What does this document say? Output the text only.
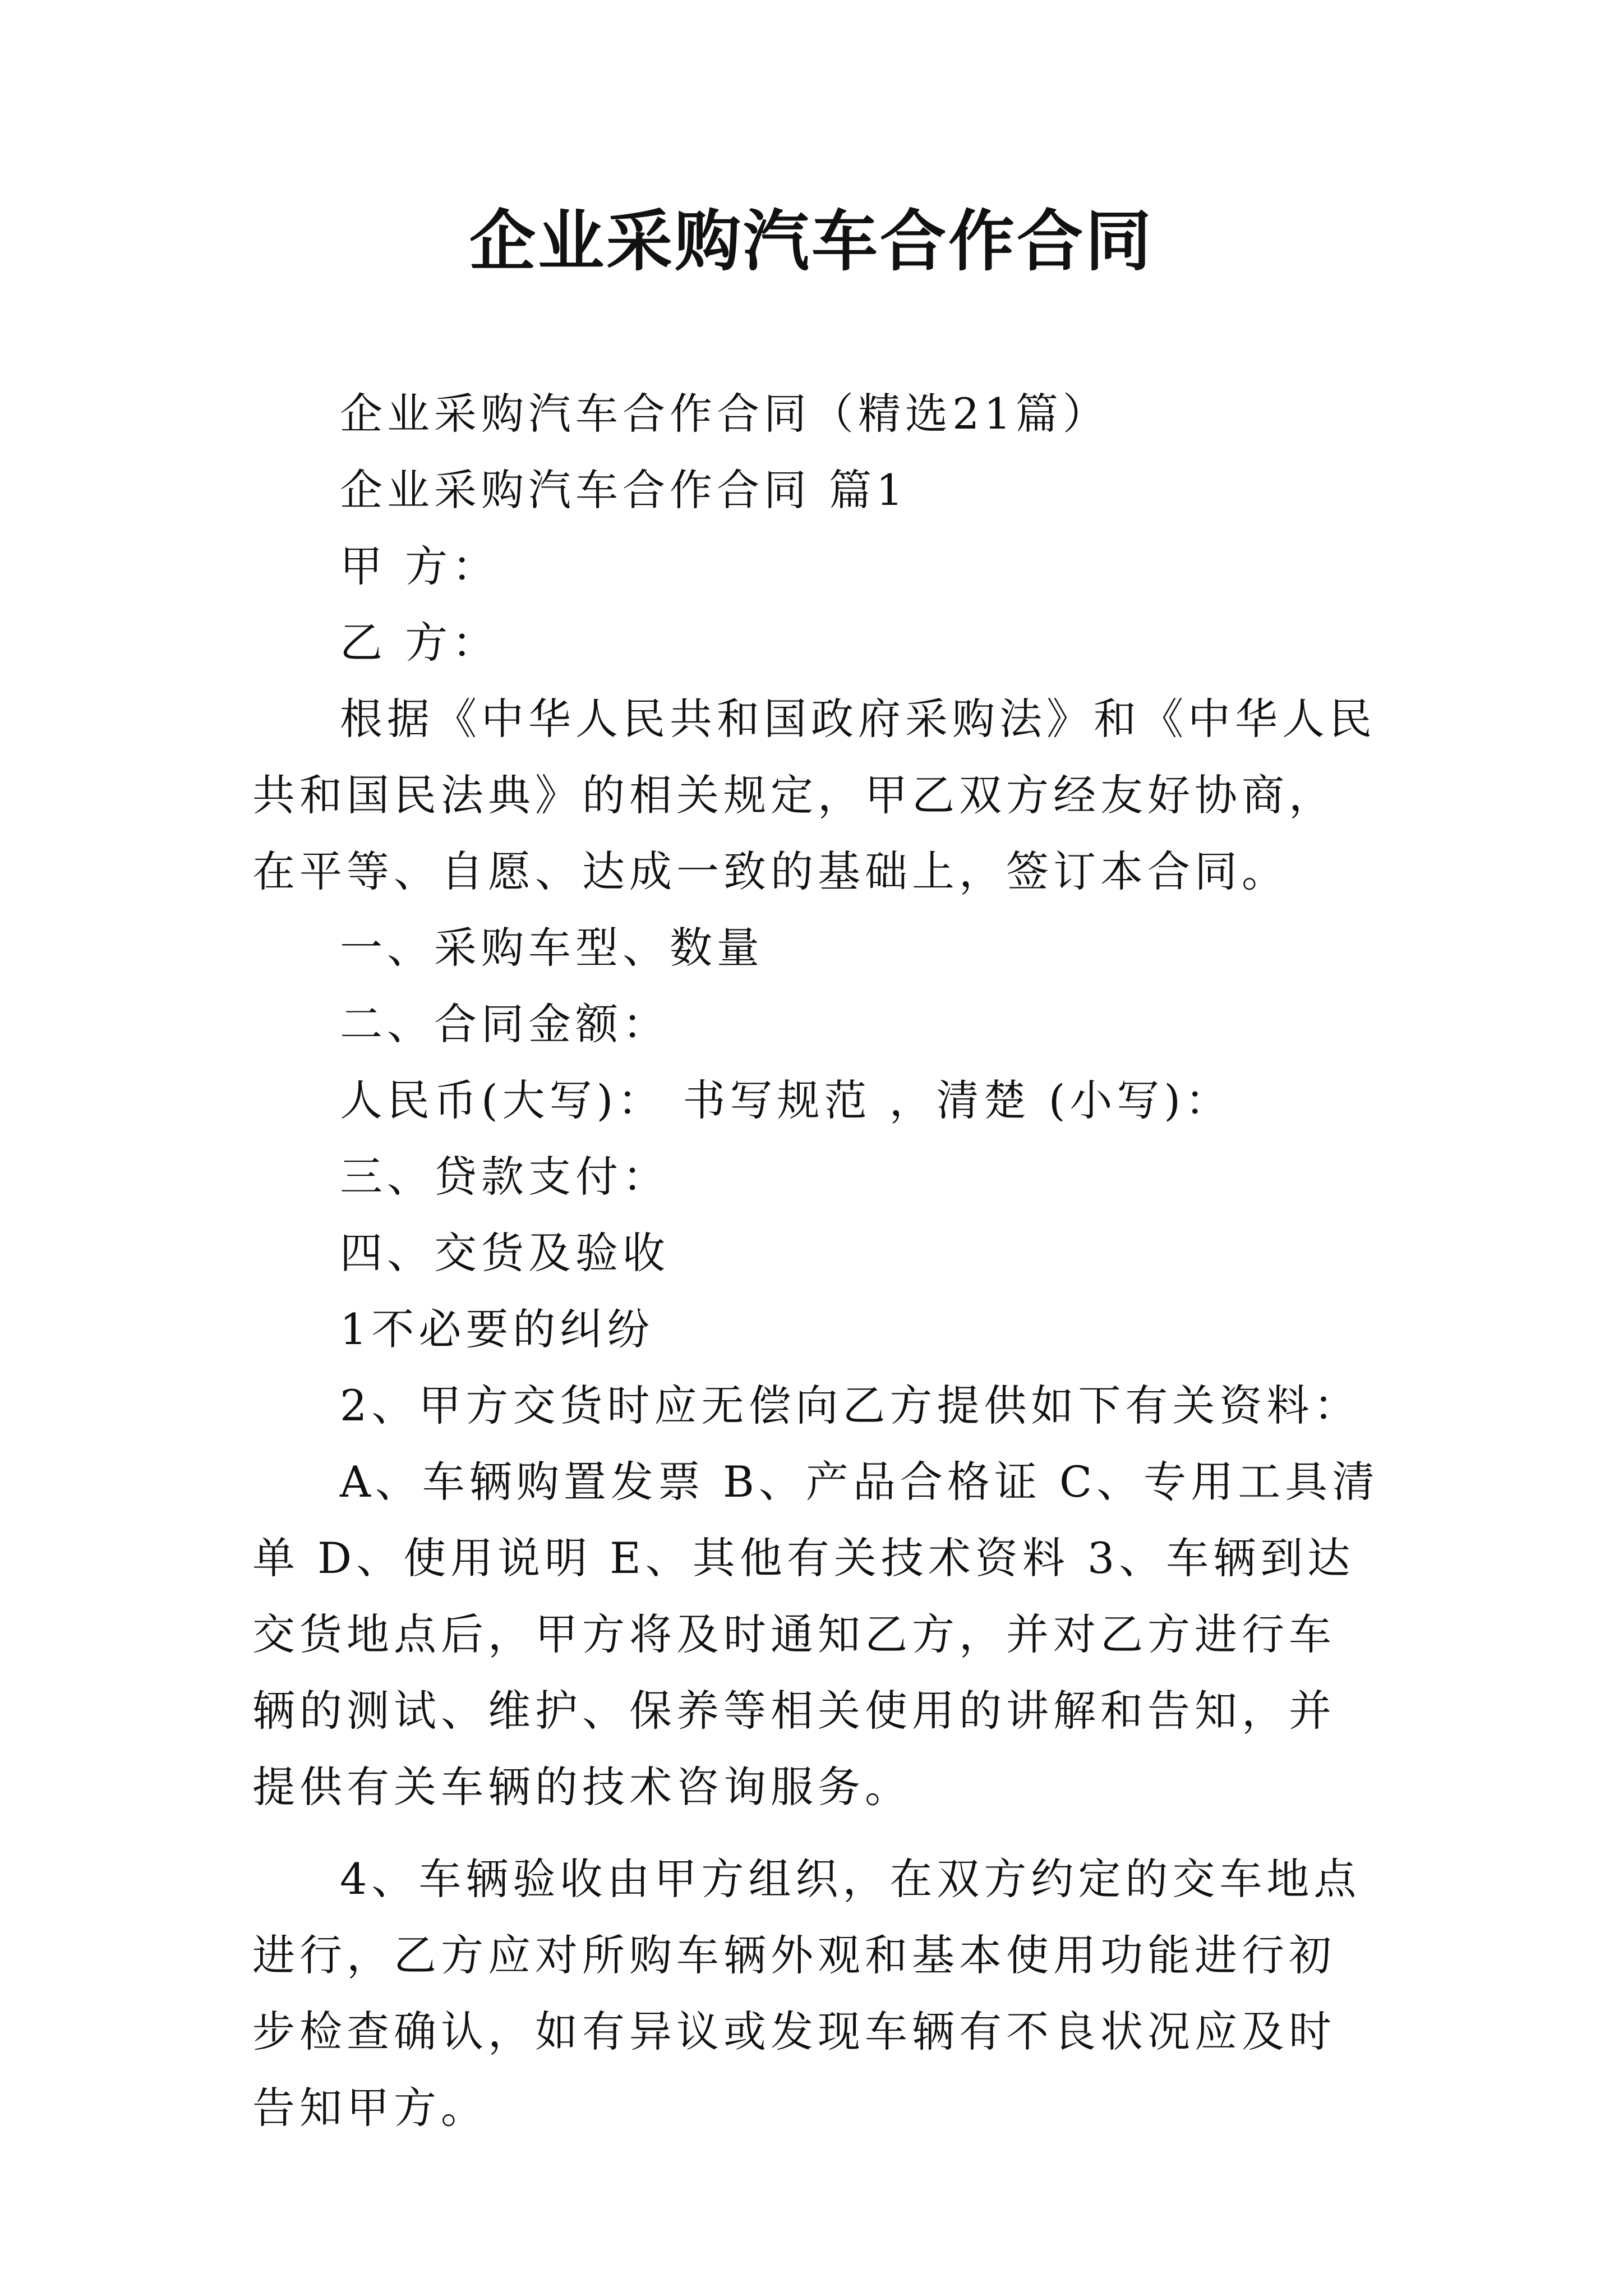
企业采购汽车合作合同

企业采购汽车合作合同（精选21篇）

企业采购汽车合作合同 篇1

甲 方：

乙 方：

根据《中华人民共和国政府采购法》和《中华人民共和国民法典》的相关规定，甲乙双方经友好协商，在平等、自愿、达成一致的基础上，签订本合同。

一、采购车型、数量

二、合同金额：

人民币(大写)： 书写规范 ，清楚 (小写)：

三、贷款支付：

四、交货及验收

1不必要的纠纷

2、甲方交货时应无偿向乙方提供如下有关资料：

A、车辆购置发票 B、产品合格证 C、专用工具清单 D、使用说明 E、其他有关技术资料 3、车辆到达交货地点后，甲方将及时通知乙方，并对乙方进行车辆的测试、维护、保养等相关使用的讲解和告知，并提供有关车辆的技术咨询服务。

4、车辆验收由甲方组织，在双方约定的交车地点进行，乙方应对所购车辆外观和基本使用功能进行初步检查确认，如有异议或发现车辆有不良状况应及时告知甲方。
